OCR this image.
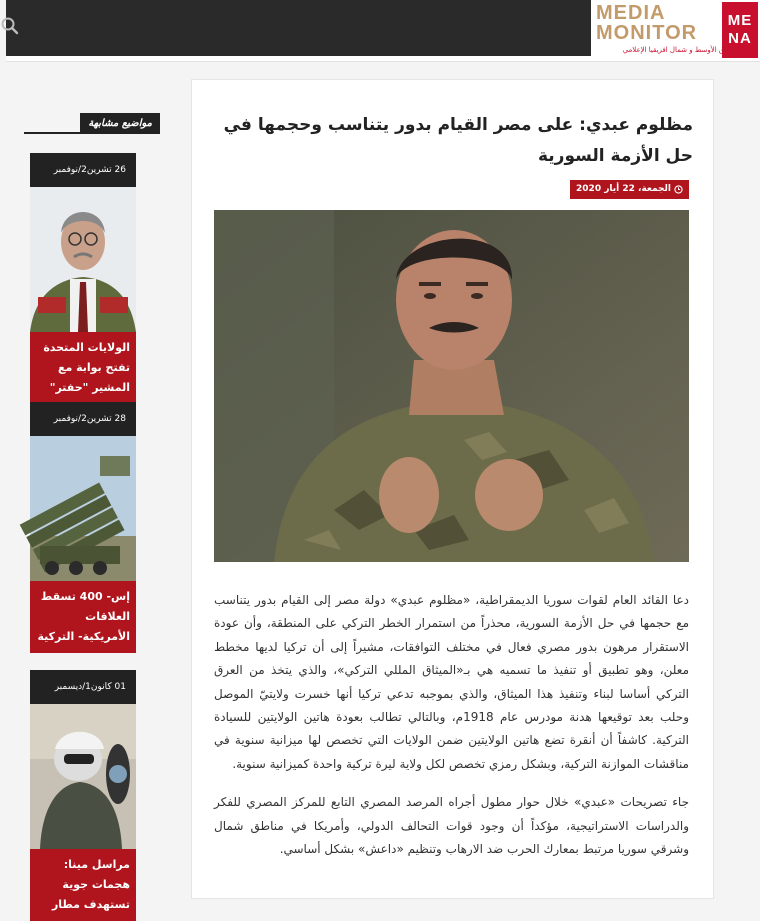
ME
NA
MEDIA
MONITOR
مرصد الشرق الأوسط و شمال افريقيا الإعلامي
مظلوم عبدي: على مصر القيام بدور يتناسب وحجمها في حل الأزمة السورية
الجمعة، 22 أيار 2020

دعا القائد العام لقوات سوريا الديمقراطية، «مظلوم عبدي» دولة مصر إلى القيام بدور يتناسب مع حجمها في حل الأزمة السورية، محذراً من استمرار الخطر التركي على المنطقة، وأن عودة الاستقرار مرهون بدور مصري فعال في مختلف التوافقات، مشيراً إلى أن تركيا لديها مخطط معلن، وهو تطبيق أو تنفيذ ما تسميه هي بـ«الميثاق المللي التركي»، والذي يتخذ من العرق التركي أساسا لبناء وتنفيذ هذا الميثاق، والذي بموجبه تدعي تركيا أنها خسرت ولايتيّ الموصل وحلب بعد توقيعها هدنة مودرس عام 1918م، وبالتالي تطالب بعودة هاتين الولايتين للسيادة التركية. كاشفاً أن أنقرة تضع هاتين الولايتين ضمن الولايات التي تخصص لها ميزانية سنوية في مناقشات الموازنة التركية، وبشكل رمزي تخصص لكل ولاية ليرة تركية واحدة كميزانية سنوية.

جاء تصريحات «عبدي» خلال حوار مطول أجراه المرصد المصري التابع للمركز المصري للفكر والدراسات الاستراتيجية، مؤكداً أن وجود قوات التحالف الدولي، وأمريكا في مناطق شمال وشرقي سوريا مرتبط بمعارك الحرب ضد الارهاب وتنظيم «داعش» بشكل أساسي.

مواضيع مشابهة
26 تشرين2/نوفمبر
الولايات المتحدة تفتح بوابة مع المشير "حفتر"
28 تشرين2/نوفمبر
إس- 400 تسقط العلاقات الأمريكية- التركية
01 كانون1/ديسمبر
مراسل مينا: هجمات جوية تستهدف مطار
